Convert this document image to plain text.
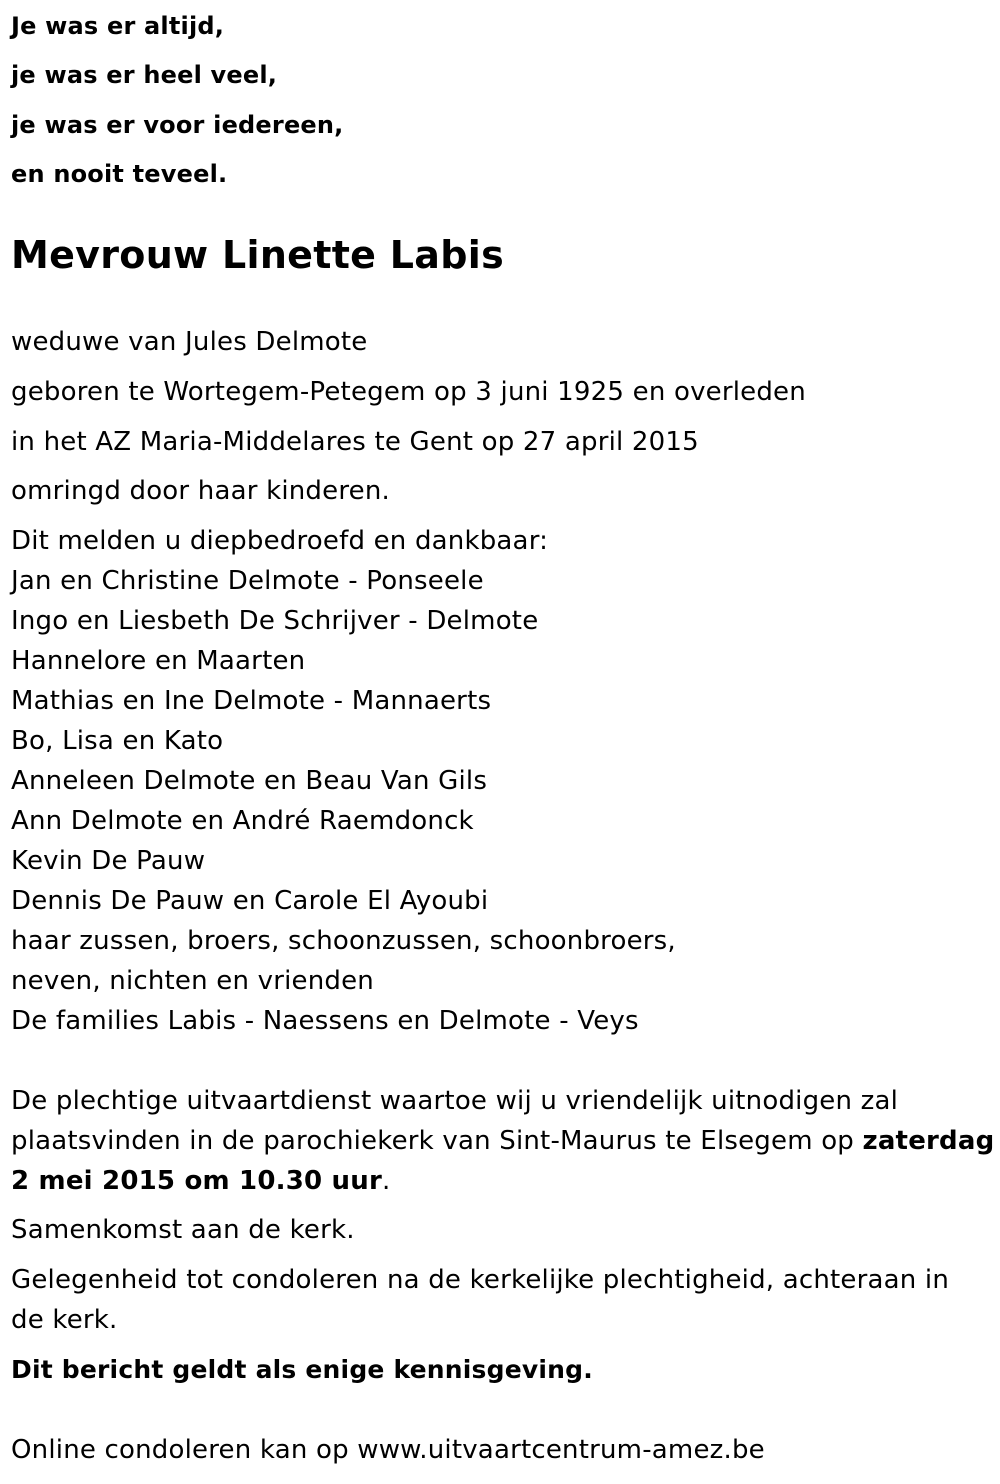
Je was er altijd,
je was er heel veel,
je was er voor iedereen,
en nooit teveel.
Mevrouw Linette Labis
weduwe van Jules Delmote
geboren te Wortegem-Petegem op 3 juni 1925 en overleden
in het AZ Maria-Middelares te Gent op 27 april 2015
omringd door haar kinderen.
Dit melden u diepbedroefd en dankbaar:
Jan en Christine Delmote - Ponseele
Ingo en Liesbeth De Schrijver - Delmote
Hannelore en Maarten
Mathias en Ine Delmote - Mannaerts
Bo, Lisa en Kato
Anneleen Delmote en Beau Van Gils
Ann Delmote en André Raemdonck
Kevin De Pauw
Dennis De Pauw en Carole El Ayoubi
haar zussen, broers, schoonzussen, schoonbroers,
neven, nichten en vrienden
De families Labis - Naessens en Delmote - Veys
De plechtige uitvaartdienst waartoe wij u vriendelijk uitnodigen zal
plaatsvinden in de parochiekerk van Sint-Maurus te Elsegem op zaterdag
2 mei 2015 om 10.30 uur.
Samenkomst aan de kerk.
Gelegenheid tot condoleren na de kerkelijke plechtigheid, achteraan in
de kerk.
Dit bericht geldt als enige kennisgeving.
Online condoleren kan op www.uitvaartcentrum-amez.be
